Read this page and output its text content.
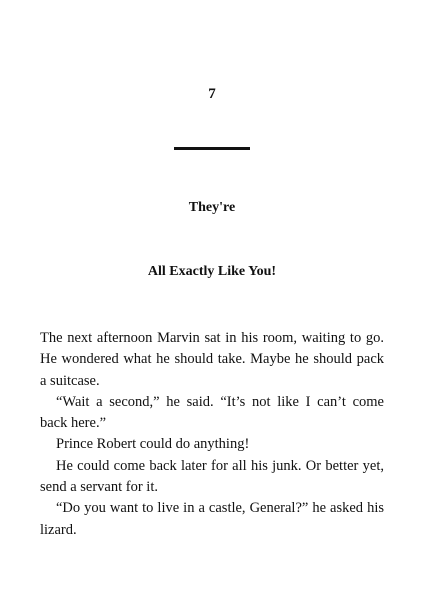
7
They're
All Exactly Like You!

The next afternoon Marvin sat in his room, waiting to go. He wondered what he should take. Maybe he should pack a suitcase.

“Wait a second,” he said. “It’s not like I can’t come back here.”

Prince Robert could do anything!

He could come back later for all his junk. Or better yet, send a servant for it.

“Do you want to live in a castle, General?” he asked his lizard.
